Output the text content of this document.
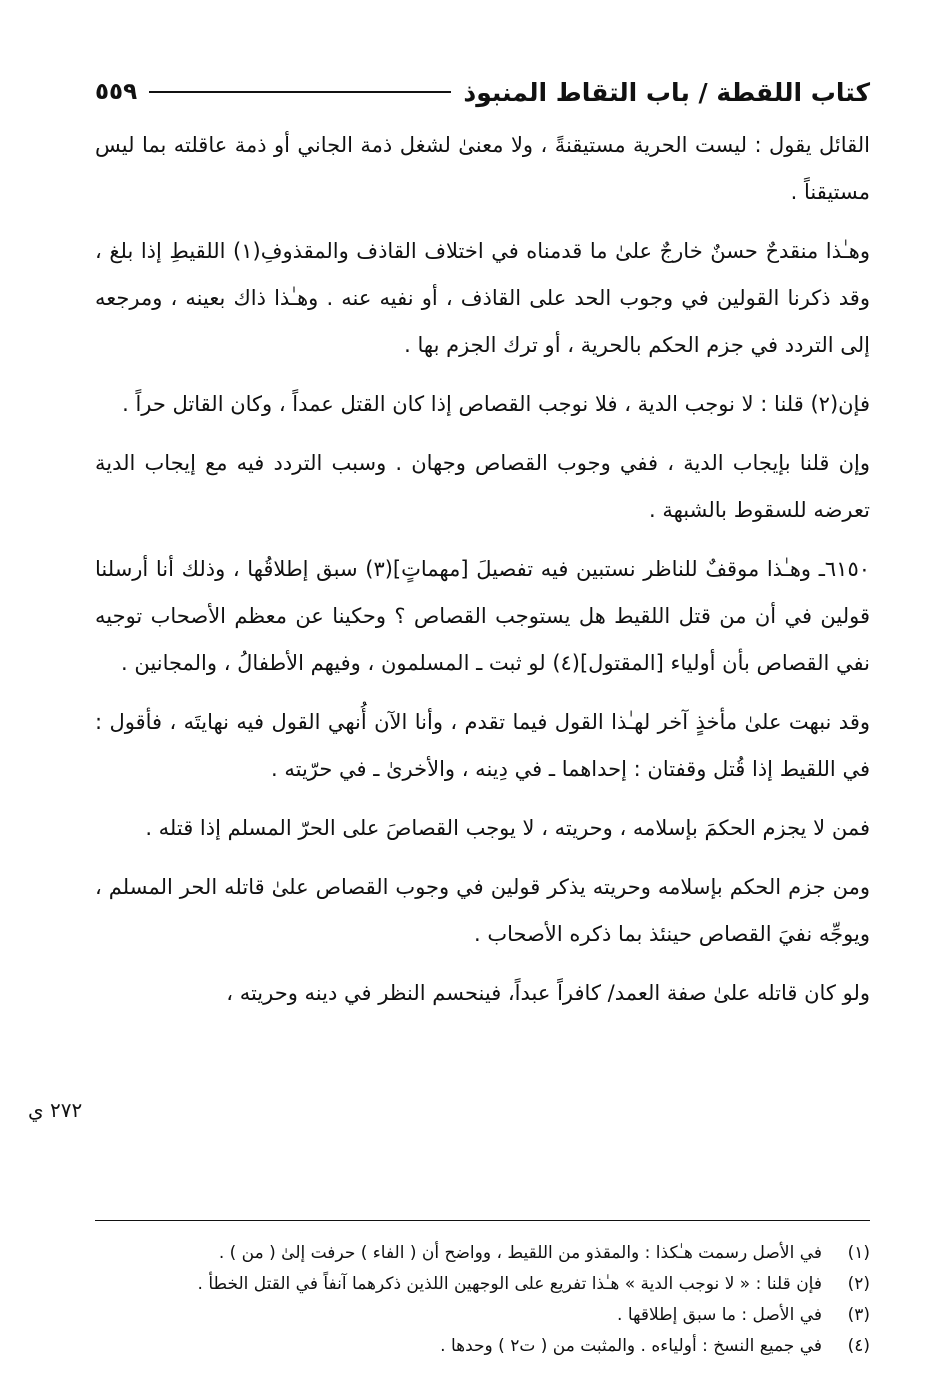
كتاب اللقطة / باب التقاط المنبوذ
٥٥٩

القائل يقول : ليست الحرية مستيقنةً ، ولا معنىٰ لشغل ذمة الجاني أو ذمة عاقلته بما ليس مستيقناً .

وهـٰذا منقدحٌ حسنٌ خارجٌ علىٰ ما قدمناه في اختلاف القاذف والمقذوفِ(١) اللقيطِ إذا بلغ ، وقد ذكرنا القولين في وجوب الحد على القاذف ، أو نفيه عنه . وهـٰذا ذاك بعينه ، ومرجعه إلى التردد في جزم الحكم بالحرية ، أو ترك الجزم بها .

فإن(٢) قلنا : لا نوجب الدية ، فلا نوجب القصاص إذا كان القتل عمداً ، وكان القاتل حراً .

وإن قلنا بإيجاب الدية ، ففي وجوب القصاص وجهان . وسبب التردد فيه مع إيجاب الدية تعرضه للسقوط بالشبهة .

٦١٥٠ـ وهـٰذا موقفٌ للناظر نستبين فيه تفصيلَ [مهماتٍ](٣) سبق إطلاقُها ، وذلك أنا أرسلنا قولين في أن من قتل اللقيط هل يستوجب القصاص ؟ وحكينا عن معظم الأصحاب توجيه نفي القصاص بأن أولياء [المقتول](٤) لو ثبت ـ المسلمون ، وفيهم الأطفالُ ، والمجانين .

وقد نبهت علىٰ مأخذٍ آخر لهـٰذا القول فيما تقدم ، وأنا الآن أُنهي القول فيه نهايتَه ، فأقول : في اللقيط إذا قُتل وقفتان : إحداهما ـ في دِينه ، والأخرىٰ ـ في حرّيته .

فمن لا يجزم الحكمَ بإسلامه ، وحريته ، لا يوجب القصاصَ على الحرّ المسلم إذا قتله .

ومن جزم الحكم بإسلامه وحريته يذكر قولين في وجوب القصاص علىٰ قاتله الحر المسلم ، ويوجِّه نفيَ القصاص حينئذ بما ذكره الأصحاب .

ولو كان قاتله علىٰ صفة العمد/ كافراً عبداً، فينحسم النظر في دينه وحريته ،

(١)
في الأصل رسمت هـٰكذا : والمقذو من اللقيط ، وواضح أن ( الفاء ) حرفت إلىٰ ( من ) .
(٢)
فإن قلنا : « لا نوجب الدية » هـٰذا تفريع على الوجهين اللذين ذكرهما آنفاً في القتل الخطأ .
(٣)
في الأصل : ما سبق إطلاقها .
(٤)
في جميع النسخ : أولياءه . والمثبت من ( ت٢ ) وحدها .
٢٧٢ ي
